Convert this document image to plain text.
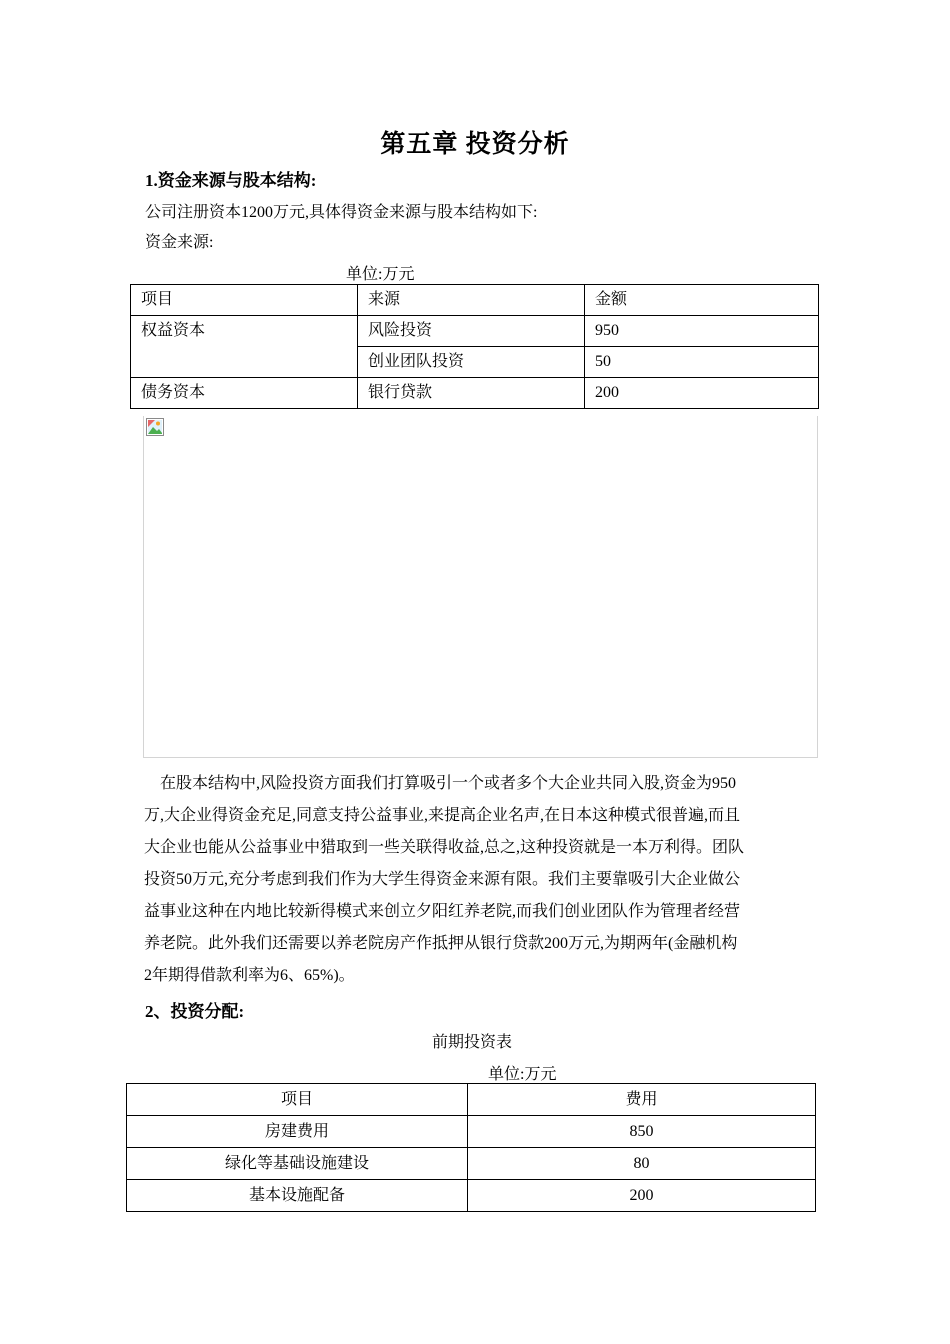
第五章 投资分析
1.资金来源与股本结构:
公司注册资本1200万元,具体得资金来源与股本结构如下:
资金来源:
单位:万元
项目	来源	金额
权益资本	风险投资	950
	创业团队投资	50
债务资本	银行贷款	200
在股本结构中,风险投资方面我们打算吸引一个或者多个大企业共同入股,资金为950
万,大企业得资金充足,同意支持公益事业,来提高企业名声,在日本这种模式很普遍,而且
大企业也能从公益事业中猎取到一些关联得收益,总之,这种投资就是一本万利得。团队
投资50万元,充分考虑到我们作为大学生得资金来源有限。我们主要靠吸引大企业做公
益事业这种在内地比较新得模式来创立夕阳红养老院,而我们创业团队作为管理者经营
养老院。此外我们还需要以养老院房产作抵押从银行贷款200万元,为期两年(金融机构
2年期得借款利率为6、65%)。
2、投资分配:
前期投资表
单位:万元
项目	费用
房建费用	850
绿化等基础设施建设	80
基本设施配备	200
